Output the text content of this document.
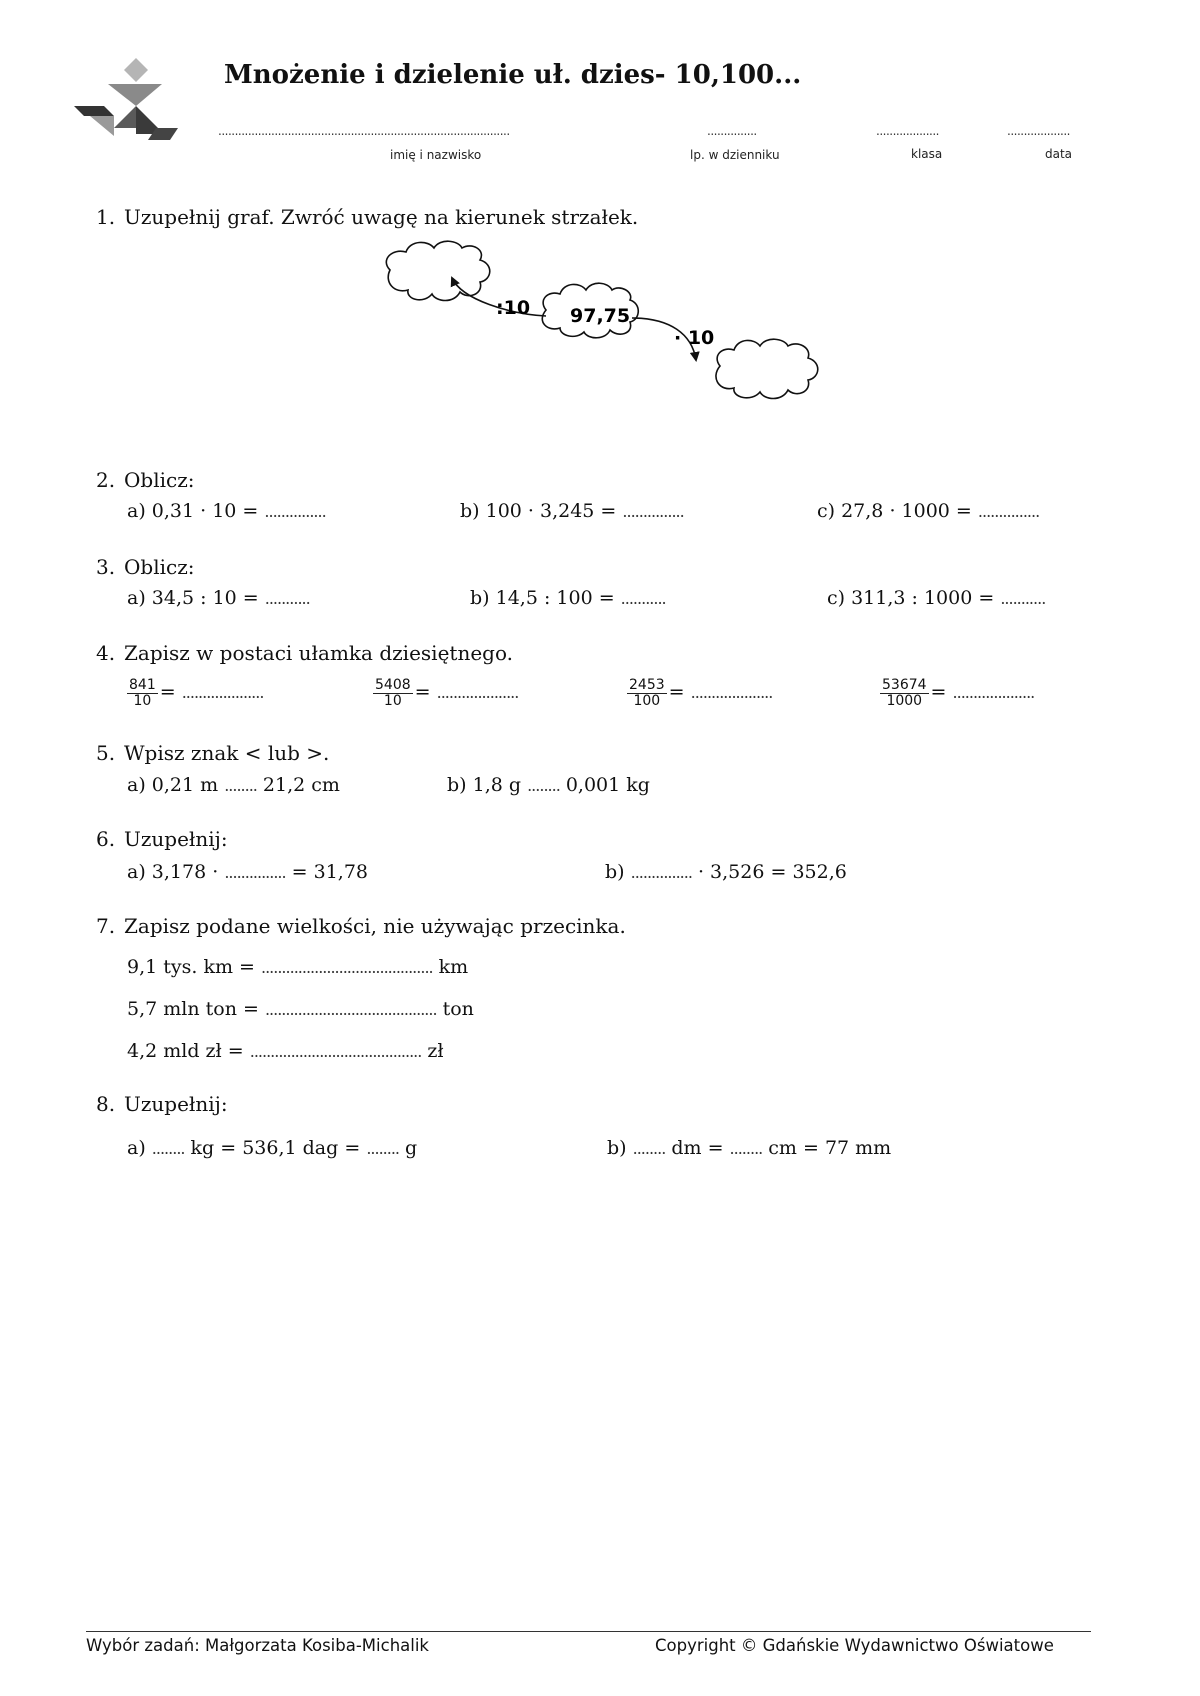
Mnożenie i dzielenie uł. dzies- 10,100...
........................................................................................
imię i nazwisko
...............
lp. w dzienniku
...................
klasa
...................
data
1. Uzupełnij graf. Zwróć uwagę na kierunek strzałek.
97,75
:10
· 10
2. Oblicz:
a) 0,31 · 10 = ...............	b) 100 · 3,245 = ...............	c) 27,8 · 1000 = ...............
3. Oblicz:
a) 34,5 : 10 = ...........	b) 14,5 : 100 = ...........	c) 311,3 : 1000 = ...........
4. Zapisz w postaci ułamka dziesiętnego.
$\frac{841}{10}$ = ....................	$\frac{5408}{10}$ = ....................	$\frac{2453}{100}$ = ....................	$\frac{53674}{1000}$ = ....................
5. Wpisz znak < lub >.
a) 0,21 m ........ 21,2 cm	b) 1,8 g ........ 0,001 kg
6. Uzupełnij:
a) 3,178 · ............... = 31,78	b) ............... · 3,526 = 352,6
7. Zapisz podane wielkości, nie używając przecinka.
9,1 tys. km = .......................................... km
5,7 mln ton = .......................................... ton
4,2 mld zł = .......................................... zł
8. Uzupełnij:
a) ........ kg = 536,1 dag = ........ g	b) ........ dm = ........ cm = 77 mm
Wybór zadań: Małgorzata Kosiba-Michalik	Copyright © Gdańskie Wydawnictwo Oświatowe
